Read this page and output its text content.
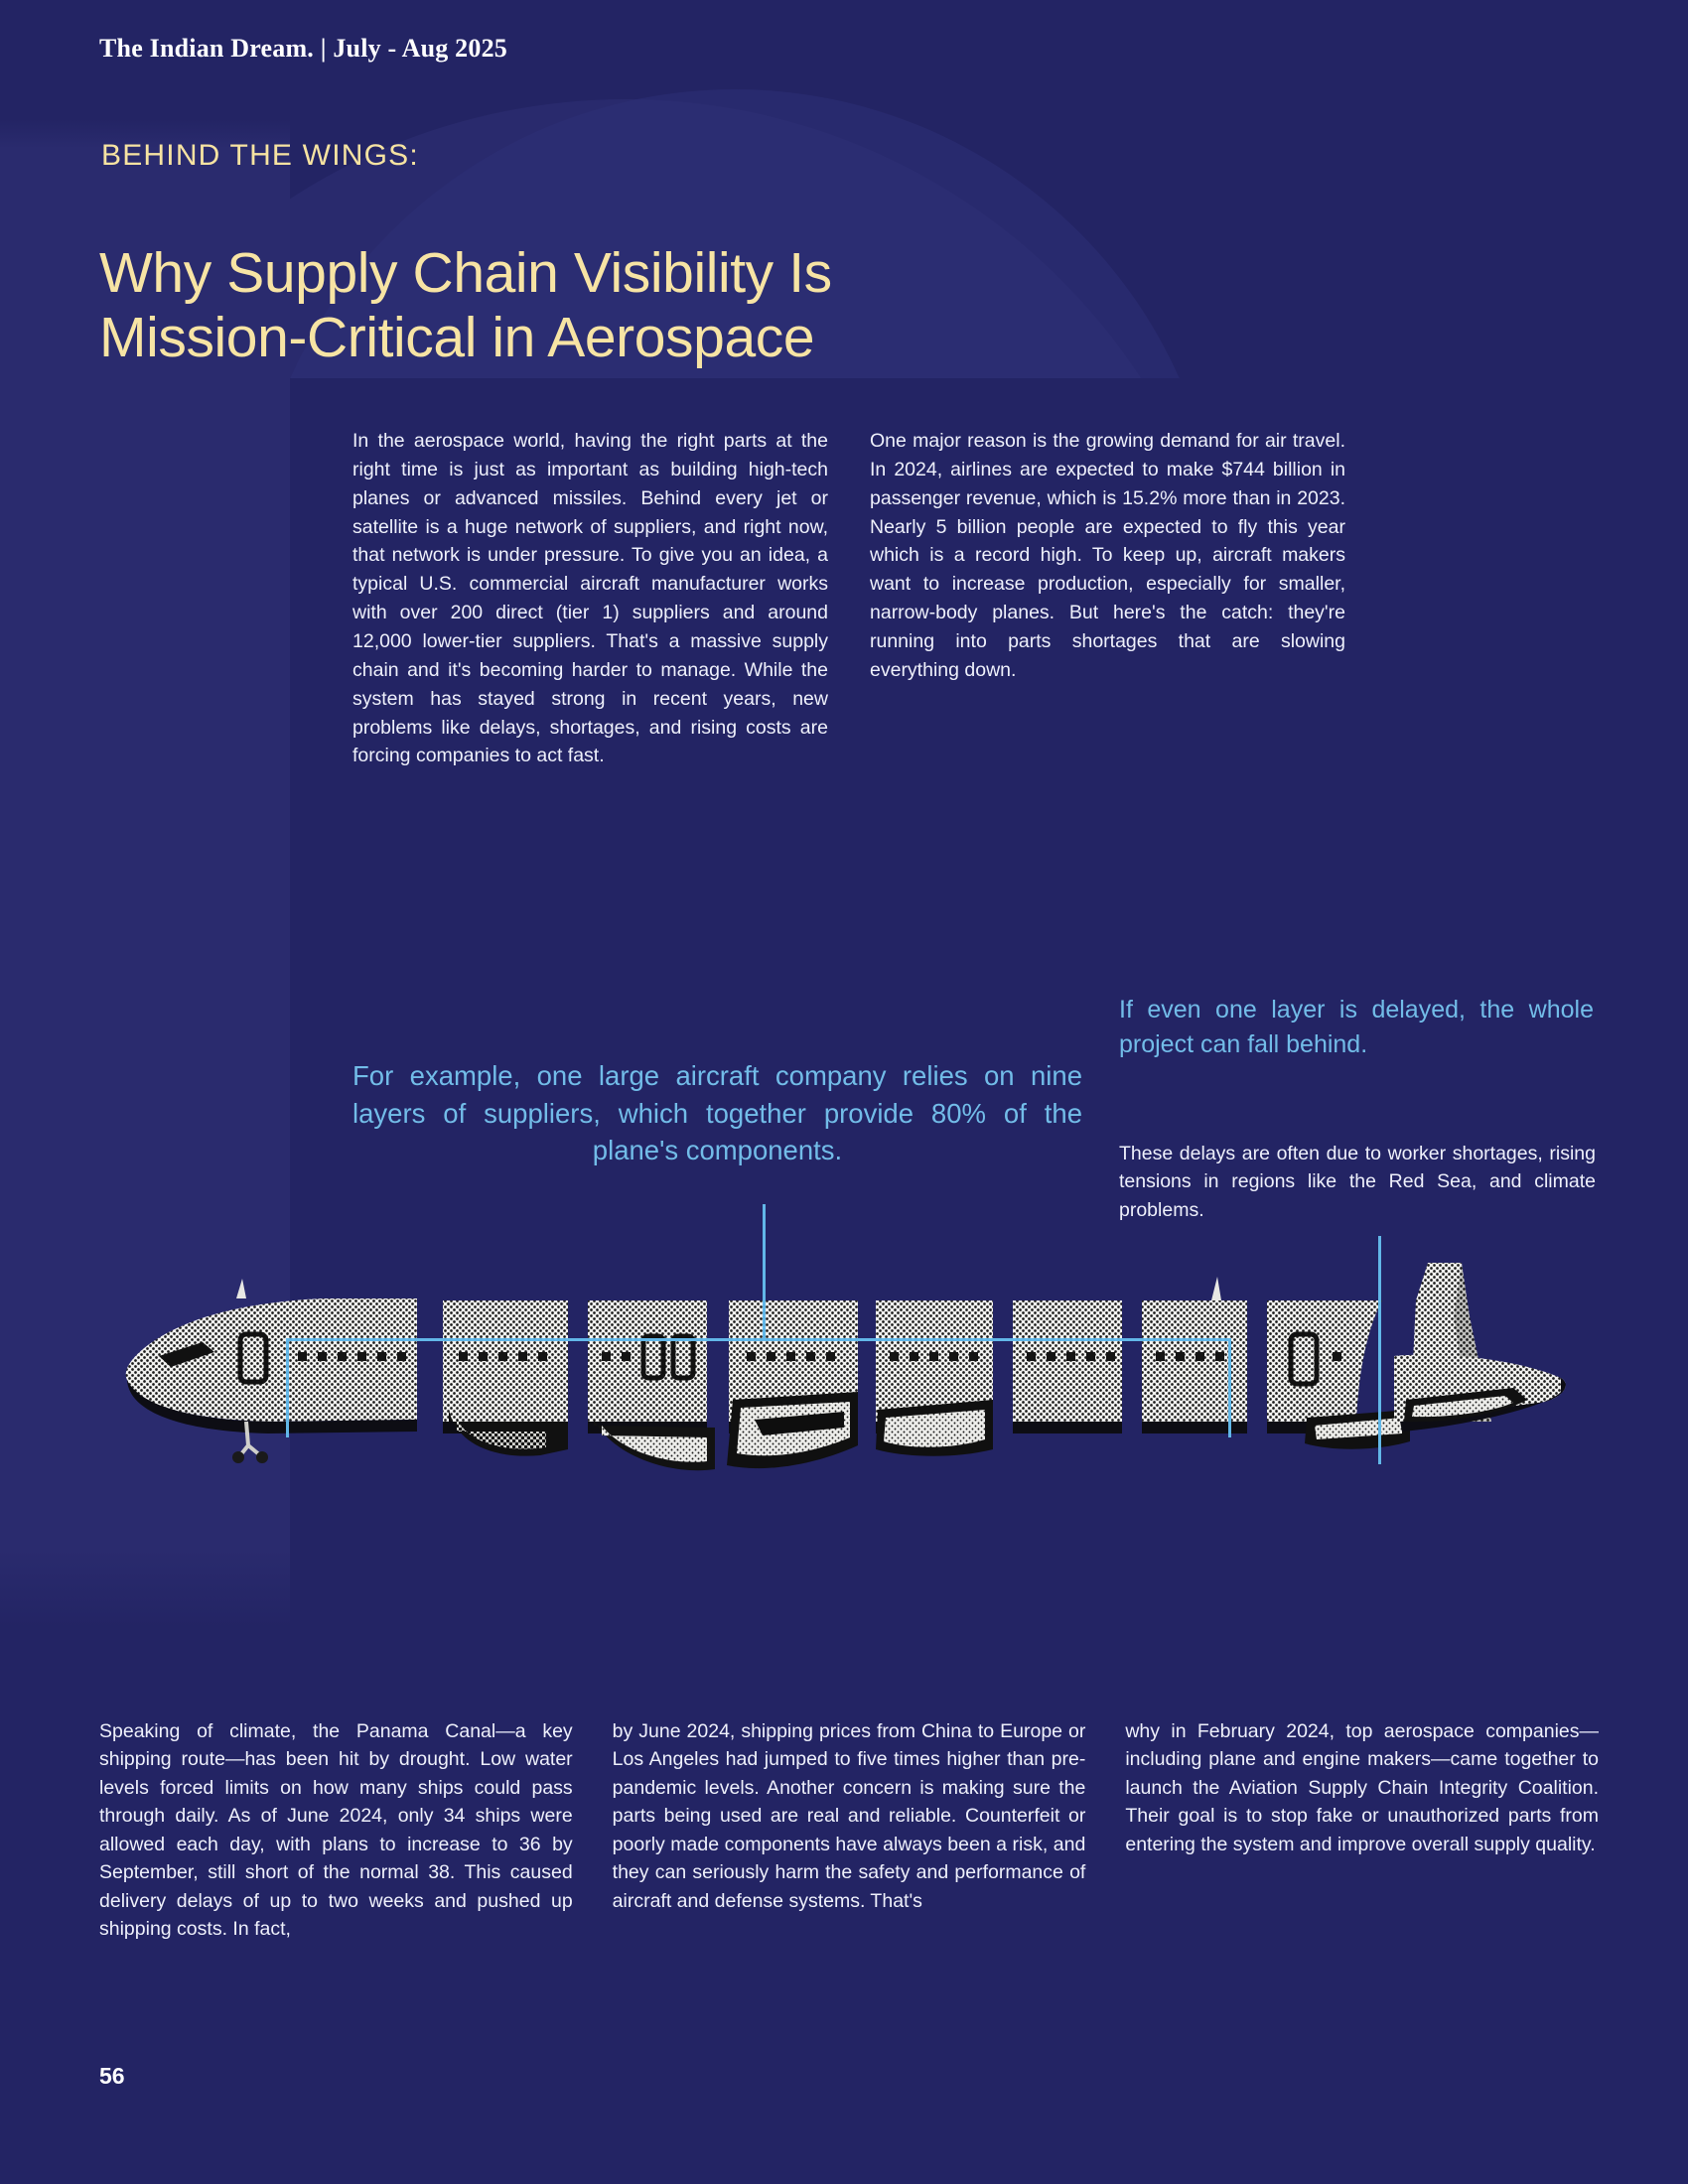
The Indian Dream. | July - Aug 2025
BEHIND THE WINGS:
Why Supply Chain Visibility Is Mission-Critical in Aerospace

In the aerospace world, having the right parts at the right time is just as important as building high-tech planes or advanced missiles. Behind every jet or satellite is a huge network of suppliers, and right now, that network is under pressure. To give you an idea, a typical U.S. commercial aircraft manufacturer works with over 200 direct (tier 1) suppliers and around 12,000 lower-tier suppliers. That's a massive supply chain and it's becoming harder to manage. While the system has stayed strong in recent years, new problems like delays, shortages, and rising costs are forcing companies to act fast.

One major reason is the growing demand for air travel. In 2024, airlines are expected to make $744 billion in passenger revenue, which is 15.2% more than in 2023. Nearly 5 billion people are expected to fly this year which is a record high. To keep up, aircraft makers want to increase production, especially for smaller, narrow-body planes. But here's the catch: they're running into parts shortages that are slowing everything down.

For example, one large aircraft company relies on nine layers of suppliers, which together provide 80% of the plane's components.
If even one layer is delayed, the whole project can fall behind.
These delays are often due to worker shortages, rising tensions in regions like the Red Sea, and climate problems.

Speaking of climate, the Panama Canal—a key shipping route—has been hit by drought. Low water levels forced limits on how many ships could pass through daily. As of June 2024, only 34 ships were allowed each day, with plans to increase to 36 by September, still short of the normal 38. This caused delivery delays of up to two weeks and pushed up shipping costs. In fact,

by June 2024, shipping prices from China to Europe or Los Angeles had jumped to five times higher than pre-pandemic levels. Another concern is making sure the parts being used are real and reliable. Counterfeit or poorly made components have always been a risk, and they can seriously harm the safety and performance of aircraft and defense systems. That's

why in February 2024, top aerospace companies—including plane and engine makers—came together to launch the Aviation Supply Chain Integrity Coalition. Their goal is to stop fake or unauthorized parts from entering the system and improve overall supply quality.

56
